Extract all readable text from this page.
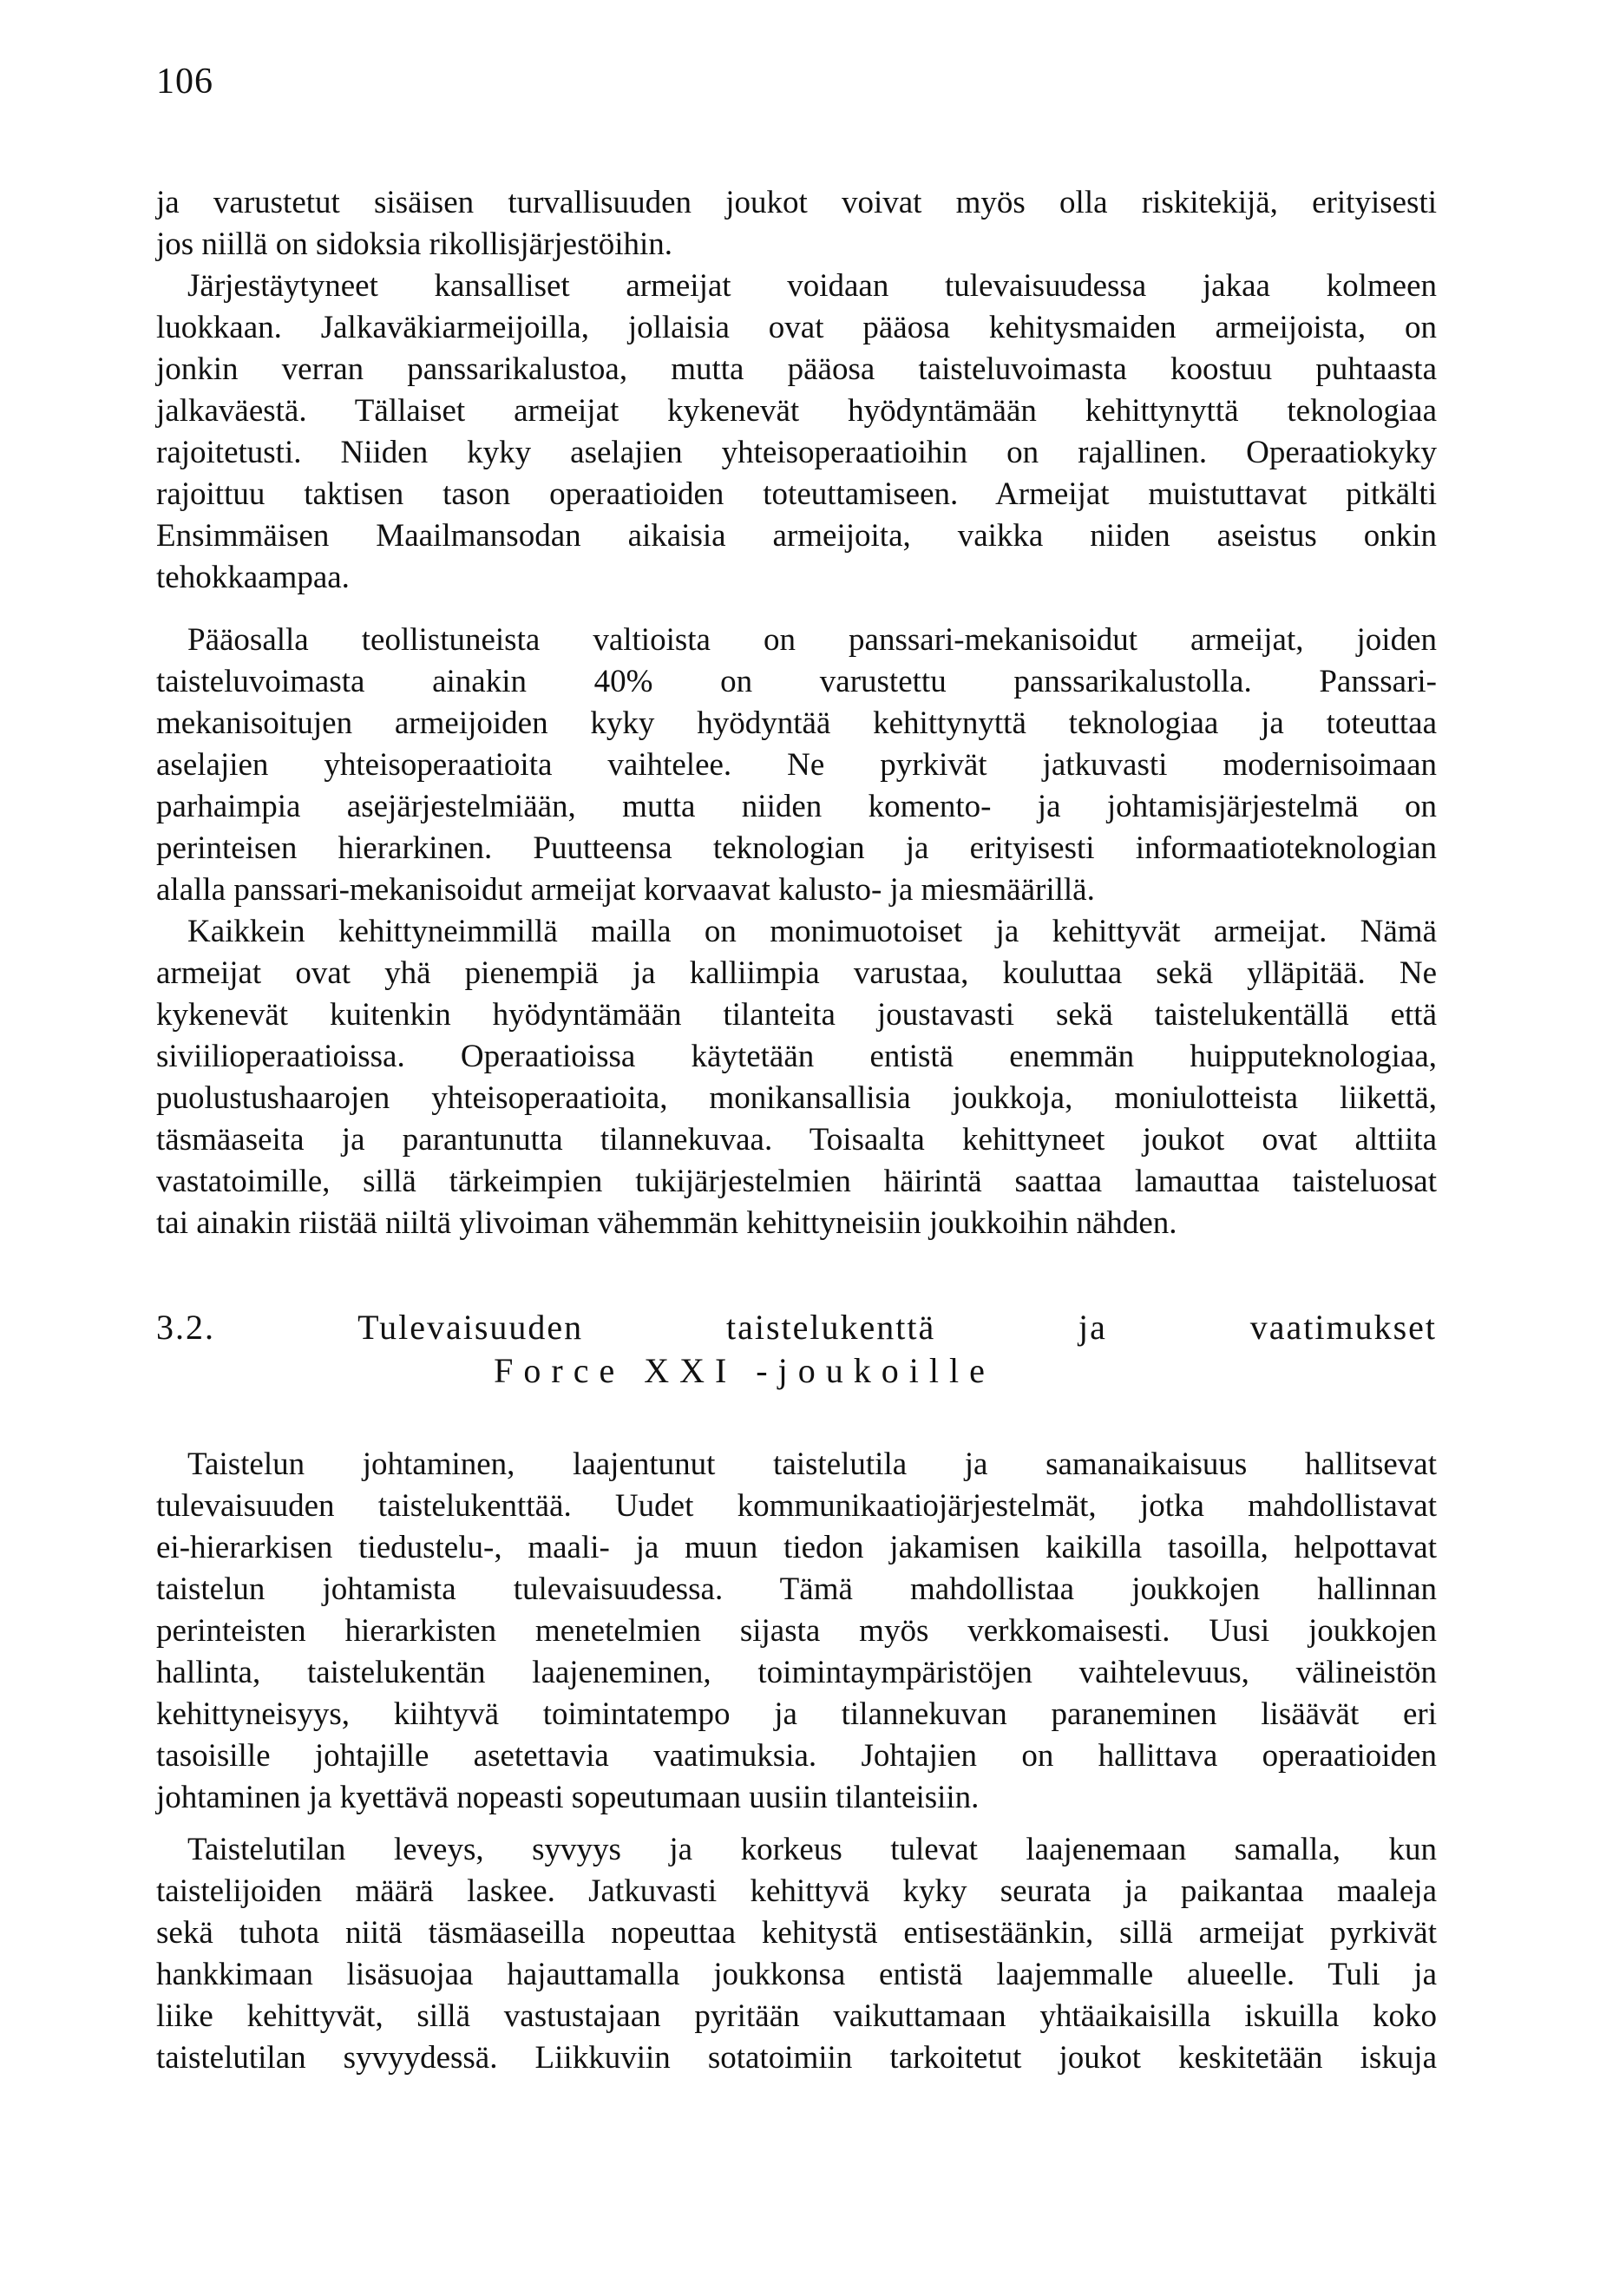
106
ja varustetut sisäisen turvallisuuden joukot voivat myös olla riskitekijä, erityisesti
jos niillä on sidoksia rikollisjärjestöihin.
Järjestäytyneet kansalliset armeijat voidaan tulevaisuudessa jakaa kolmeen
luokkaan. Jalkaväkiarmeijoilla, jollaisia ovat pääosa kehitysmaiden armeijoista, on
jonkin verran panssarikalustoa, mutta pääosa taisteluvoimasta koostuu puhtaasta
jalkaväestä. Tällaiset armeijat kykenevät hyödyntämään kehittynyttä teknologiaa
rajoitetusti. Niiden kyky aselajien yhteisoperaatioihin on rajallinen. Operaatiokyky
rajoittuu taktisen tason operaatioiden toteuttamiseen. Armeijat muistuttavat pitkälti
Ensimmäisen Maailmansodan aikaisia armeijoita, vaikka niiden aseistus onkin
tehokkaampaa.
Pääosalla teollistuneista valtioista on panssari-mekanisoidut armeijat, joiden
taisteluvoimasta ainakin 40% on varustettu panssarikalustolla. Panssari-
mekanisoitujen armeijoiden kyky hyödyntää kehittynyttä teknologiaa ja toteuttaa
aselajien yhteisoperaatioita vaihtelee. Ne pyrkivät jatkuvasti modernisoimaan
parhaimpia asejärjestelmiään, mutta niiden komento- ja johtamisjärjestelmä on
perinteisen hierarkinen. Puutteensa teknologian ja erityisesti informaatioteknologian
alalla panssari-mekanisoidut armeijat korvaavat kalusto- ja miesmäärillä.
Kaikkein kehittyneimmillä mailla on monimuotoiset ja kehittyvät armeijat. Nämä
armeijat ovat yhä pienempiä ja kalliimpia varustaa, kouluttaa sekä ylläpitää. Ne
kykenevät kuitenkin hyödyntämään tilanteita joustavasti sekä taistelukentällä että
siviilioperaatioissa. Operaatioissa käytetään entistä enemmän huipputeknologiaa,
puolustushaarojen yhteisoperaatioita, monikansallisia joukkoja, moniulotteista liikettä,
täsmäaseita ja parantunutta tilannekuvaa. Toisaalta kehittyneet joukot ovat alttiita
vastatoimille, sillä tärkeimpien tukijärjestelmien häirintä saattaa lamauttaa taisteluosat
tai ainakin riistää niiltä ylivoiman vähemmän kehittyneisiin joukkoihin nähden.
3.2.	Tulevaisuuden taistelukenttä ja vaatimukset
Force XXI -joukoille
Taistelun johtaminen, laajentunut taistelutila ja samanaikaisuus hallitsevat
tulevaisuuden taistelukenttää. Uudet kommunikaatiojärjestelmät, jotka mahdollistavat
ei-hierarkisen tiedustelu-, maali- ja muun tiedon jakamisen kaikilla tasoilla, helpottavat
taistelun johtamista tulevaisuudessa. Tämä mahdollistaa joukkojen hallinnan
perinteisten hierarkisten menetelmien sijasta myös verkkomaisesti. Uusi joukkojen
hallinta, taistelukentän laajeneminen, toimintaympäristöjen vaihtelevuus, välineistön
kehittyneisyys, kiihtyvä toimintatempo ja tilannekuvan paraneminen lisäävät eri
tasoisille johtajille asetettavia vaatimuksia. Johtajien on hallittava operaatioiden
johtaminen ja kyettävä nopeasti sopeutumaan uusiin tilanteisiin.
Taistelutilan leveys, syvyys ja korkeus tulevat laajenemaan samalla, kun
taistelijoiden määrä laskee. Jatkuvasti kehittyvä kyky seurata ja paikantaa maaleja
sekä tuhota niitä täsmäaseilla nopeuttaa kehitystä entisestäänkin, sillä armeijat pyrkivät
hankkimaan lisäsuojaa hajauttamalla joukkonsa entistä laajemmalle alueelle. Tuli ja
liike kehittyvät, sillä vastustajaan pyritään vaikuttamaan yhtäaikaisilla iskuilla koko
taistelutilan syvyydessä. Liikkuviin sotatoimiin tarkoitetut joukot keskitetään iskuja
